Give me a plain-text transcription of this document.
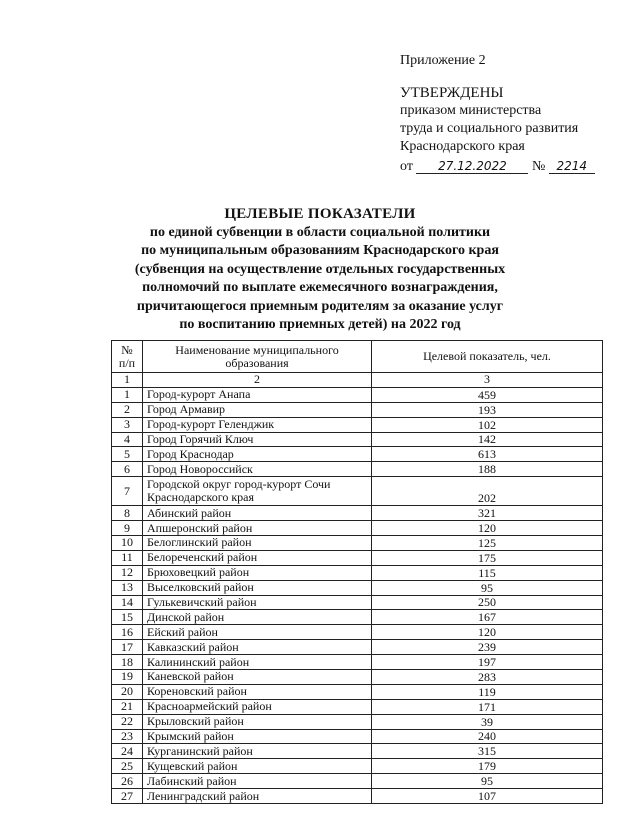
Приложение 2
УТВЕРЖДЕНЫ
приказом министерства
труда и социального развития
Краснодарского края
от 27.12.2022 № 2214
ЦЕЛЕВЫЕ ПОКАЗАТЕЛИ
по единой субвенции в области социальной политики
по муниципальным образованиям Краснодарского края
(субвенция на осуществление отдельных государственных
полномочий по выплате ежемесячного вознаграждения,
причитающегося приемным родителям за оказание услуг
по воспитанию приемных детей) на 2022 год
№ п/п	Наименование муниципального образования	Целевой показатель, чел.
1	2	3
1	Город-курорт Анапа	459
2	Город Армавир	193
3	Город-курорт Геленджик	102
4	Город Горячий Ключ	142
5	Город Краснодар	613
6	Город Новороссийск	188
7	Городской округ город-курорт Сочи Краснодарского края	202
8	Абинский район	321
9	Апшеронский район	120
10	Белоглинский район	125
11	Белореченский район	175
12	Брюховецкий район	115
13	Выселковский район	95
14	Гулькевичский район	250
15	Динской район	167
16	Ейский район	120
17	Кавказский район	239
18	Калининский район	197
19	Каневской район	283
20	Кореновский район	119
21	Красноармейский район	171
22	Крыловский район	39
23	Крымский район	240
24	Курганинский район	315
25	Кущевский район	179
26	Лабинский район	95
27	Ленинградский район	107
